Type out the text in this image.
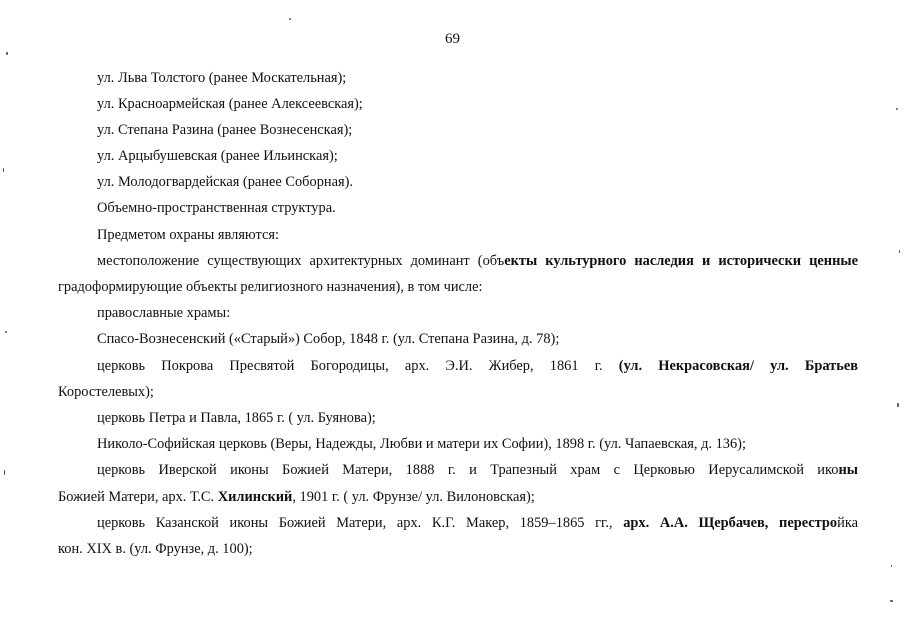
69
ул. Льва Толстого (ранее Москательная);
ул. Красноармейская (ранее Алексеевская);
ул. Степана Разина (ранее Вознесенская);
ул. Арцыбушевская (ранее Ильинская);
ул. Молодогвардейская (ранее Соборная).
Объемно-пространственная структура.
Предметом охраны являются:
местоположение существующих архитектурных доминант (объекты культурного наследия и исторически ценные
градоформирующие объекты религиозного назначения), в том числе:
православные храмы:
Спасо-Вознесенский («Старый») Собор, 1848 г. (ул. Степана Разина, д. 78);
церковь Покрова Пресвятой Богородицы, арх. Э.И. Жибер, 1861 г. (ул. Некрасовская/ ул. Братьев
Коростелевых);
церковь Петра и Павла, 1865 г. ( ул. Буянова);
Николо-Софийская церковь (Веры, Надежды, Любви и матери их Софии), 1898 г. (ул. Чапаевская, д. 136);
церковь Иверской иконы Божией Матери, 1888 г. и Трапезный храм с Церковью Иерусалимской иконы
Божией Матери, арх. Т.С. Хилинский, 1901 г. ( ул. Фрунзе/ ул. Вилоновская);
церковь Казанской иконы Божией Матери, арх. К.Г. Макер, 1859–1865 гг., арх. А.А. Щербачев, перестройка
кон. XIX в. (ул. Фрунзе, д. 100);
